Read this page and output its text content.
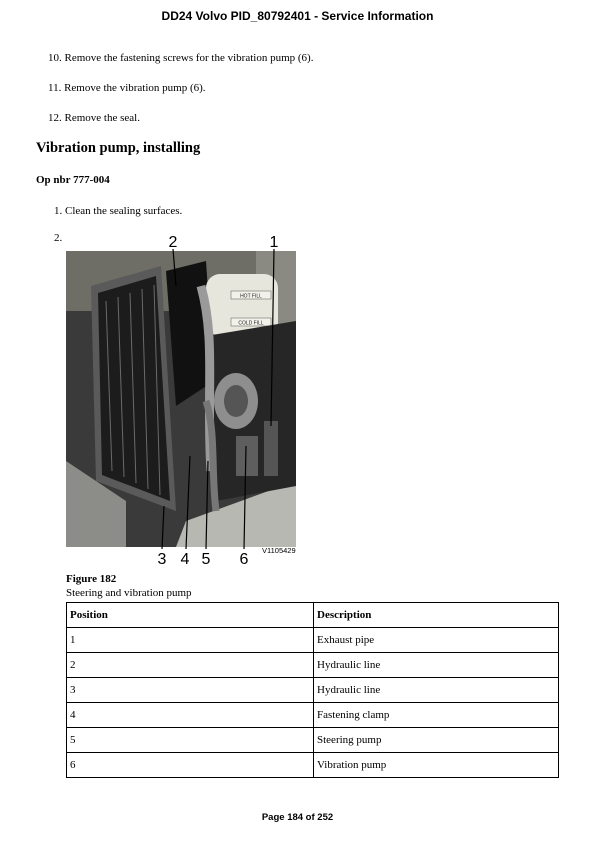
DD24 Volvo PID_80792401 - Service Information
10. Remove the fastening screws for the vibration pump (6).
11. Remove the vibration pump (6).
12. Remove the seal.
Vibration pump, installing
Op nbr 777-004
1. Clean the sealing surfaces.
2.
HOT FILL
COLD FILL
1
2
3 4 5 6
V1105429
Figure 182
Steering and vibration pump
Position	Description
1	Exhaust pipe
2	Hydraulic line
3	Hydraulic line
4	Fastening clamp
5	Steering pump
6	Vibration pump
Page 184 of 252
